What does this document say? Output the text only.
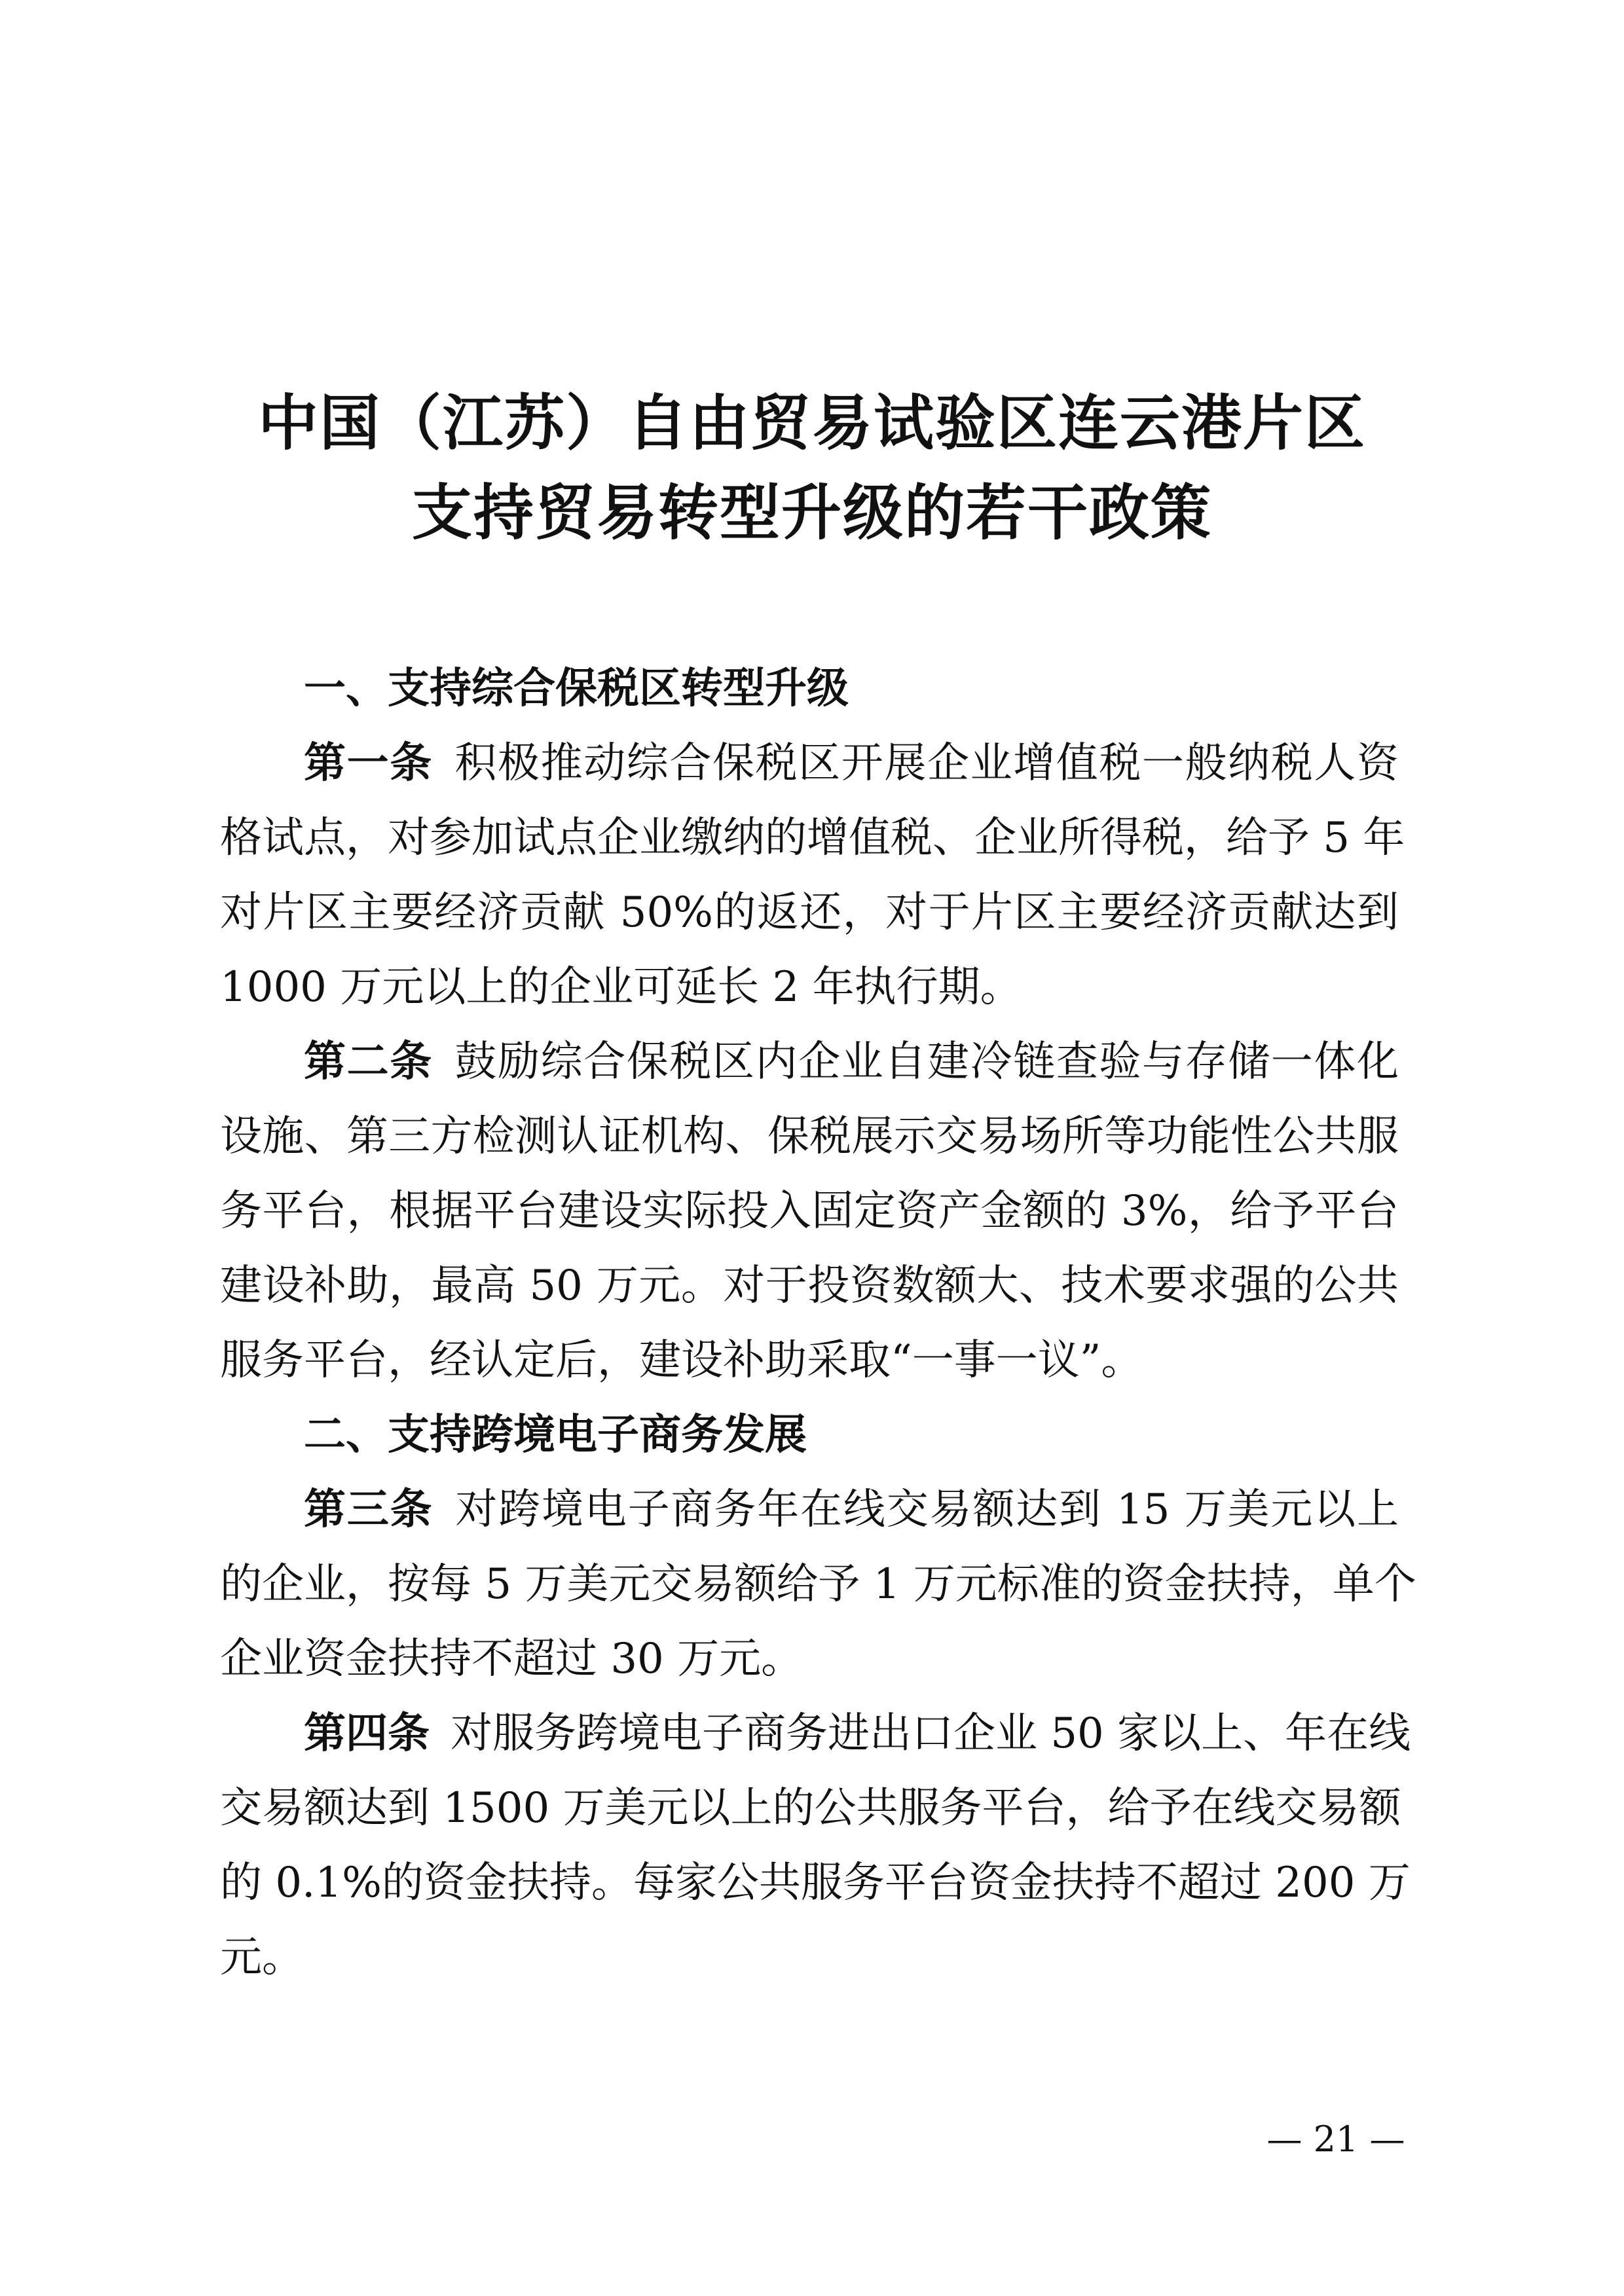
中国（江苏）自由贸易试验区连云港片区
支持贸易转型升级的若干政策
一、支持综合保税区转型升级
第一条  积极推动综合保税区开展企业增值税一般纳税人资
格试点，对参加试点企业缴纳的增值税、企业所得税，给予 5 年
对片区主要经济贡献 50%的返还，对于片区主要经济贡献达到
1000 万元以上的企业可延长 2 年执行期。
第二条  鼓励综合保税区内企业自建冷链查验与存储一体化
设施、第三方检测认证机构、保税展示交易场所等功能性公共服
务平台，根据平台建设实际投入固定资产金额的 3%，给予平台
建设补助，最高 50 万元。对于投资数额大、技术要求强的公共
服务平台，经认定后，建设补助采取“一事一议”。
二、支持跨境电子商务发展
第三条  对跨境电子商务年在线交易额达到 15 万美元以上
的企业，按每 5 万美元交易额给予 1 万元标准的资金扶持，单个
企业资金扶持不超过 30 万元。
第四条  对服务跨境电子商务进出口企业 50 家以上、年在线
交易额达到 1500 万美元以上的公共服务平台，给予在线交易额
的 0.1%的资金扶持。每家公共服务平台资金扶持不超过 200 万
元。
— 21 —
